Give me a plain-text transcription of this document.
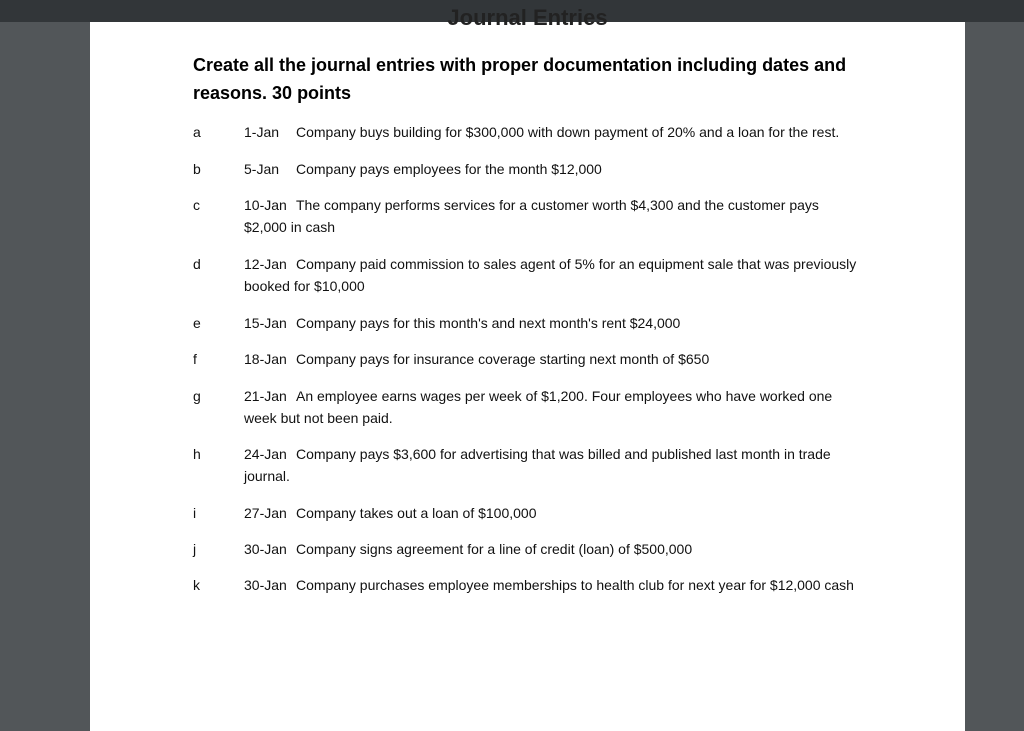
Journal Entries
Create all the journal entries with proper documentation including dates and reasons. 30 points
a	1-Jan Company buys building for $300,000 with down payment of 20% and a loan for the rest.
b	5-Jan Company pays employees for the month $12,000
c	10-Jan The company performs services for a customer worth $4,300 and the customer pays $2,000 in cash
d	12-Jan Company paid commission to sales agent of 5% for an equipment sale that was previously booked for $10,000
e	15-Jan Company pays for this month's and next month's rent $24,000
f	18-Jan Company pays for insurance coverage starting next month of $650
g	21-Jan An employee earns wages per week of $1,200. Four employees who have worked one week but not been paid.
h	24-Jan Company pays $3,600 for advertising that was billed and published last month in trade journal.
i	27-Jan Company takes out a loan of $100,000
j	30-Jan Company signs agreement for a line of credit (loan) of $500,000
k	30-Jan Company purchases employee memberships to health club for next year for $12,000 cash
